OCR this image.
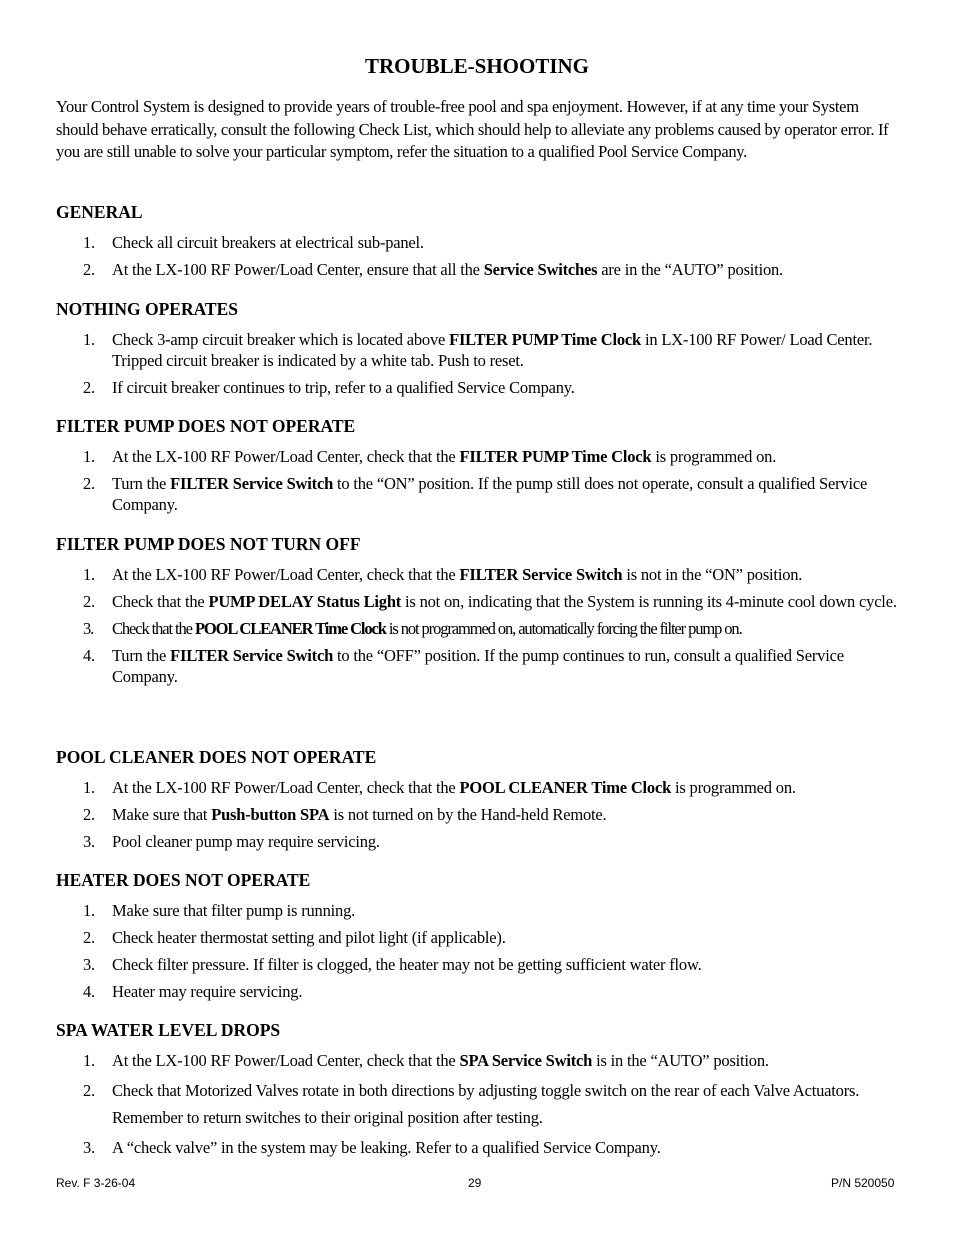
TROUBLE-SHOOTING
Your Control System is designed to provide years of trouble-free pool and spa enjoyment. However, if at any time your System should behave erratically, consult the following Check List, which should help to alleviate any problems caused by operator error. If you are still unable to solve your particular symptom, refer the situation to a qualified Pool Service Company.
GENERAL
1. Check all circuit breakers at electrical sub-panel.
2. At the LX-100 RF Power/Load Center, ensure that all the Service Switches are in the “AUTO” position.
NOTHING OPERATES
1. Check 3-amp circuit breaker which is located above FILTER PUMP Time Clock in LX-100 RF Power/ Load Center. Tripped circuit breaker is indicated by a white tab. Push to reset.
2. If circuit breaker continues to trip, refer to a qualified Service Company.
FILTER PUMP DOES NOT OPERATE
1. At the LX-100 RF Power/Load Center, check that the FILTER PUMP Time Clock is programmed on.
2. Turn the FILTER Service Switch to the “ON” position. If the pump still does not operate, consult a qualified Service Company.
FILTER PUMP DOES NOT TURN OFF
1. At the LX-100 RF Power/Load Center, check that the FILTER Service Switch is not in the “ON” position.
2. Check that the PUMP DELAY Status Light is not on, indicating that the System is running its 4-minute cool down cycle.
3. Check that the POOL CLEANER Time Clock is not programmed on, automatically forcing the filter pump on.
4. Turn the FILTER Service Switch to the “OFF” position. If the pump continues to run, consult a qualified Service Company.
POOL CLEANER DOES NOT OPERATE
1. At the LX-100 RF Power/Load Center, check that the POOL CLEANER Time Clock is programmed on.
2. Make sure that Push-button SPA is not turned on by the Hand-held Remote.
3. Pool cleaner pump may require servicing.
HEATER DOES NOT OPERATE
1. Make sure that filter pump is running.
2. Check heater thermostat setting and pilot light (if applicable).
3. Check filter pressure. If filter is clogged, the heater may not be getting sufficient water flow.
4. Heater may require servicing.
SPA WATER LEVEL DROPS
1. At the LX-100 RF Power/Load Center, check that the SPA Service Switch is in the “AUTO” position.
2. Check that Motorized Valves rotate in both directions by adjusting toggle switch on the rear of each Valve Actuators. Remember to return switches to their original position after testing.
3. A “check valve” in the system may be leaking. Refer to a qualified Service Company.
Rev. F 3-26-04	29	P/N 520050
